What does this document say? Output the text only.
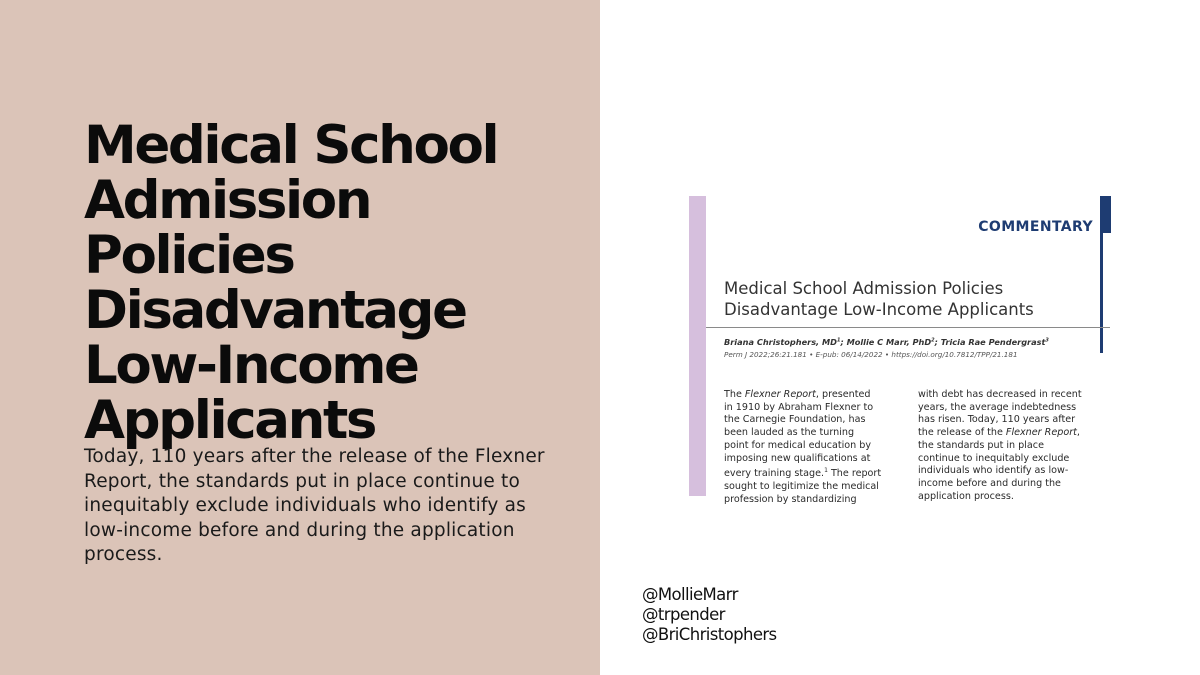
Medical School
Admission
Policies
Disadvantage
Low-Income
Applicants

Today, 110 years after the release of the Flexner Report, the standards put in place continue to inequitably exclude individuals who identify as low-income before and during the application process.

COMMENTARY
Medical School Admission Policies
Disadvantage Low-Income Applicants
Briana Christophers, $MD^1$; Mollie C Marr, PhD$^2$; Tricia Rae Pendergrast$^3$
Perm J 2022;26:21.181 • E-pub: 06/14/2022 • https://doi.org/10.7812/TPP/21.181
The Flexner Report, presented
in 1910 by Abraham Flexner to
the Carnegie Foundation, has
been lauded as the turning
point for medical education by
imposing new qualifications at
every training stage.$^1$ The report
sought to legitimize the medical
profession by standardizing
with debt has decreased in recent
years, the average indebtedness
has risen. Today, 110 years after
the release of the Flexner Report,
the standards put in place
continue to inequitably exclude
individuals who identify as low-
income before and during the
application process.
@MollieMarr
@trpender
@BriChristophers
